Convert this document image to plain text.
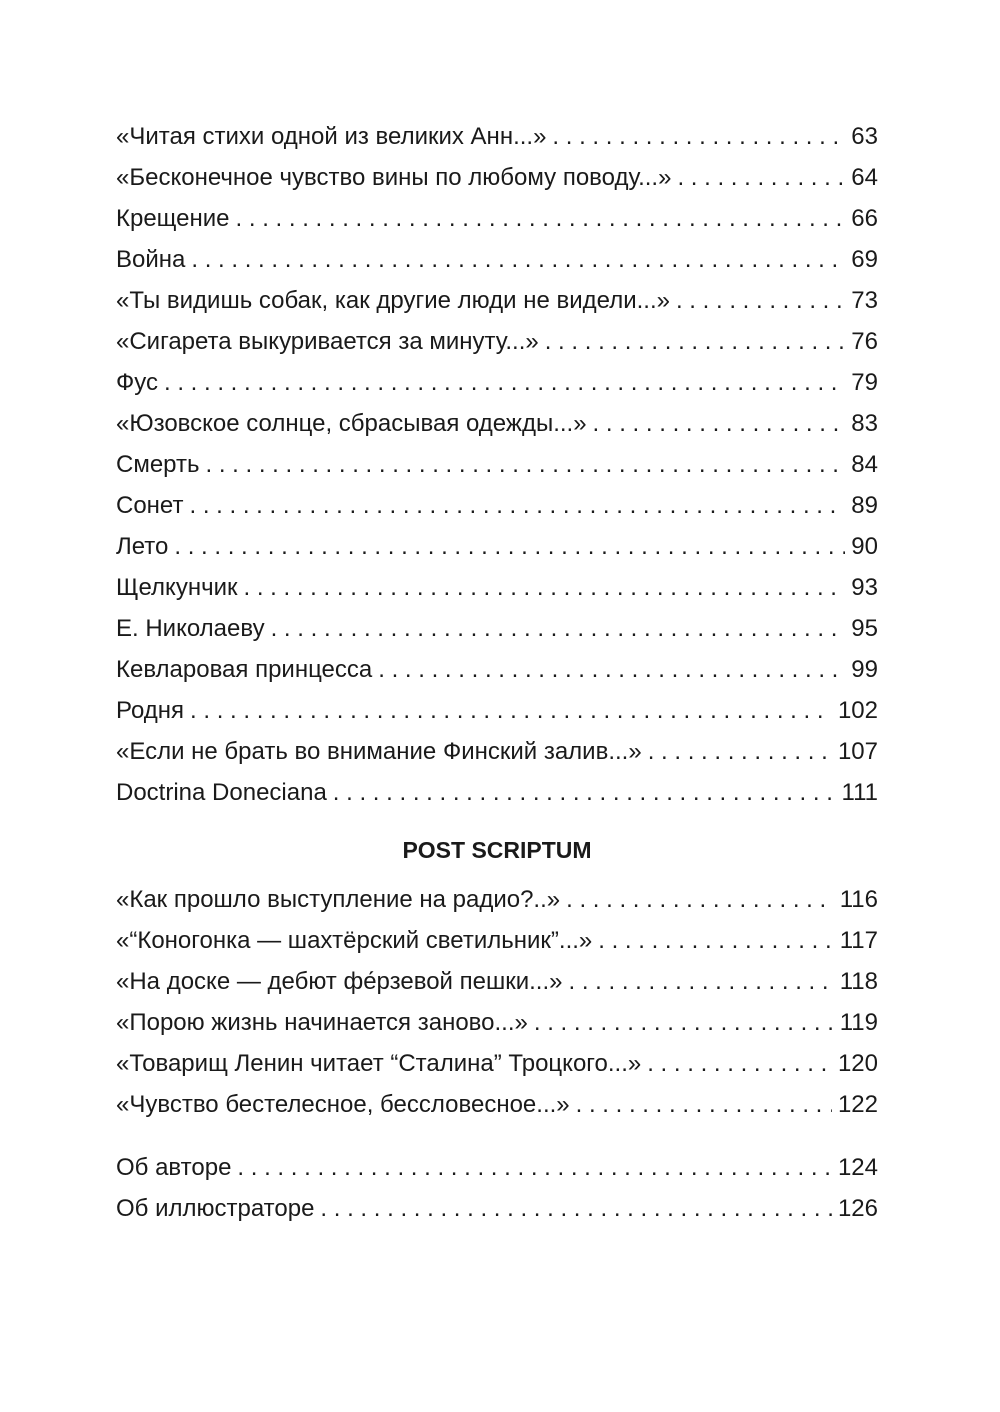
«Читая стихи одной из великих Анн...» . . .	63
«Бесконечное чувство вины по любому поводу...» . . .	64
Крещение . . .	66
Война . . .	69
«Ты видишь собак, как другие люди не видели...» . . .	73
«Сигарета выкуривается за минуту...» . . .	76
Фус . . .	79
«Юзовское солнце, сбрасывая одежды...» . . .	83
Смерть . . .	84
Сонет . . .	89
Лето . . .	90
Щелкунчик . . .	93
Е. Николаеву . . .	95
Кевларовая принцесса . . .	99
Родня . . .	102
«Если не брать во внимание Финский залив...» . . .	107
Doctrina Doneciana . . .	111
POST SCRIPTUM
«Как прошло выступление на радио?..» . . .	116
«“Коногонка — шахтёрский светильник”...» . . .	117
«На доске — дебют фе́рзевой пешки...» . . .	118
«Порою жизнь начинается заново...» . . .	119
«Товарищ Ленин читает “Сталина” Троцкого...» . . .	120
«Чувство бестелесное, бессловесное...» . . .	122
Об авторе . . .	124
Об иллюстраторе . . .	126
